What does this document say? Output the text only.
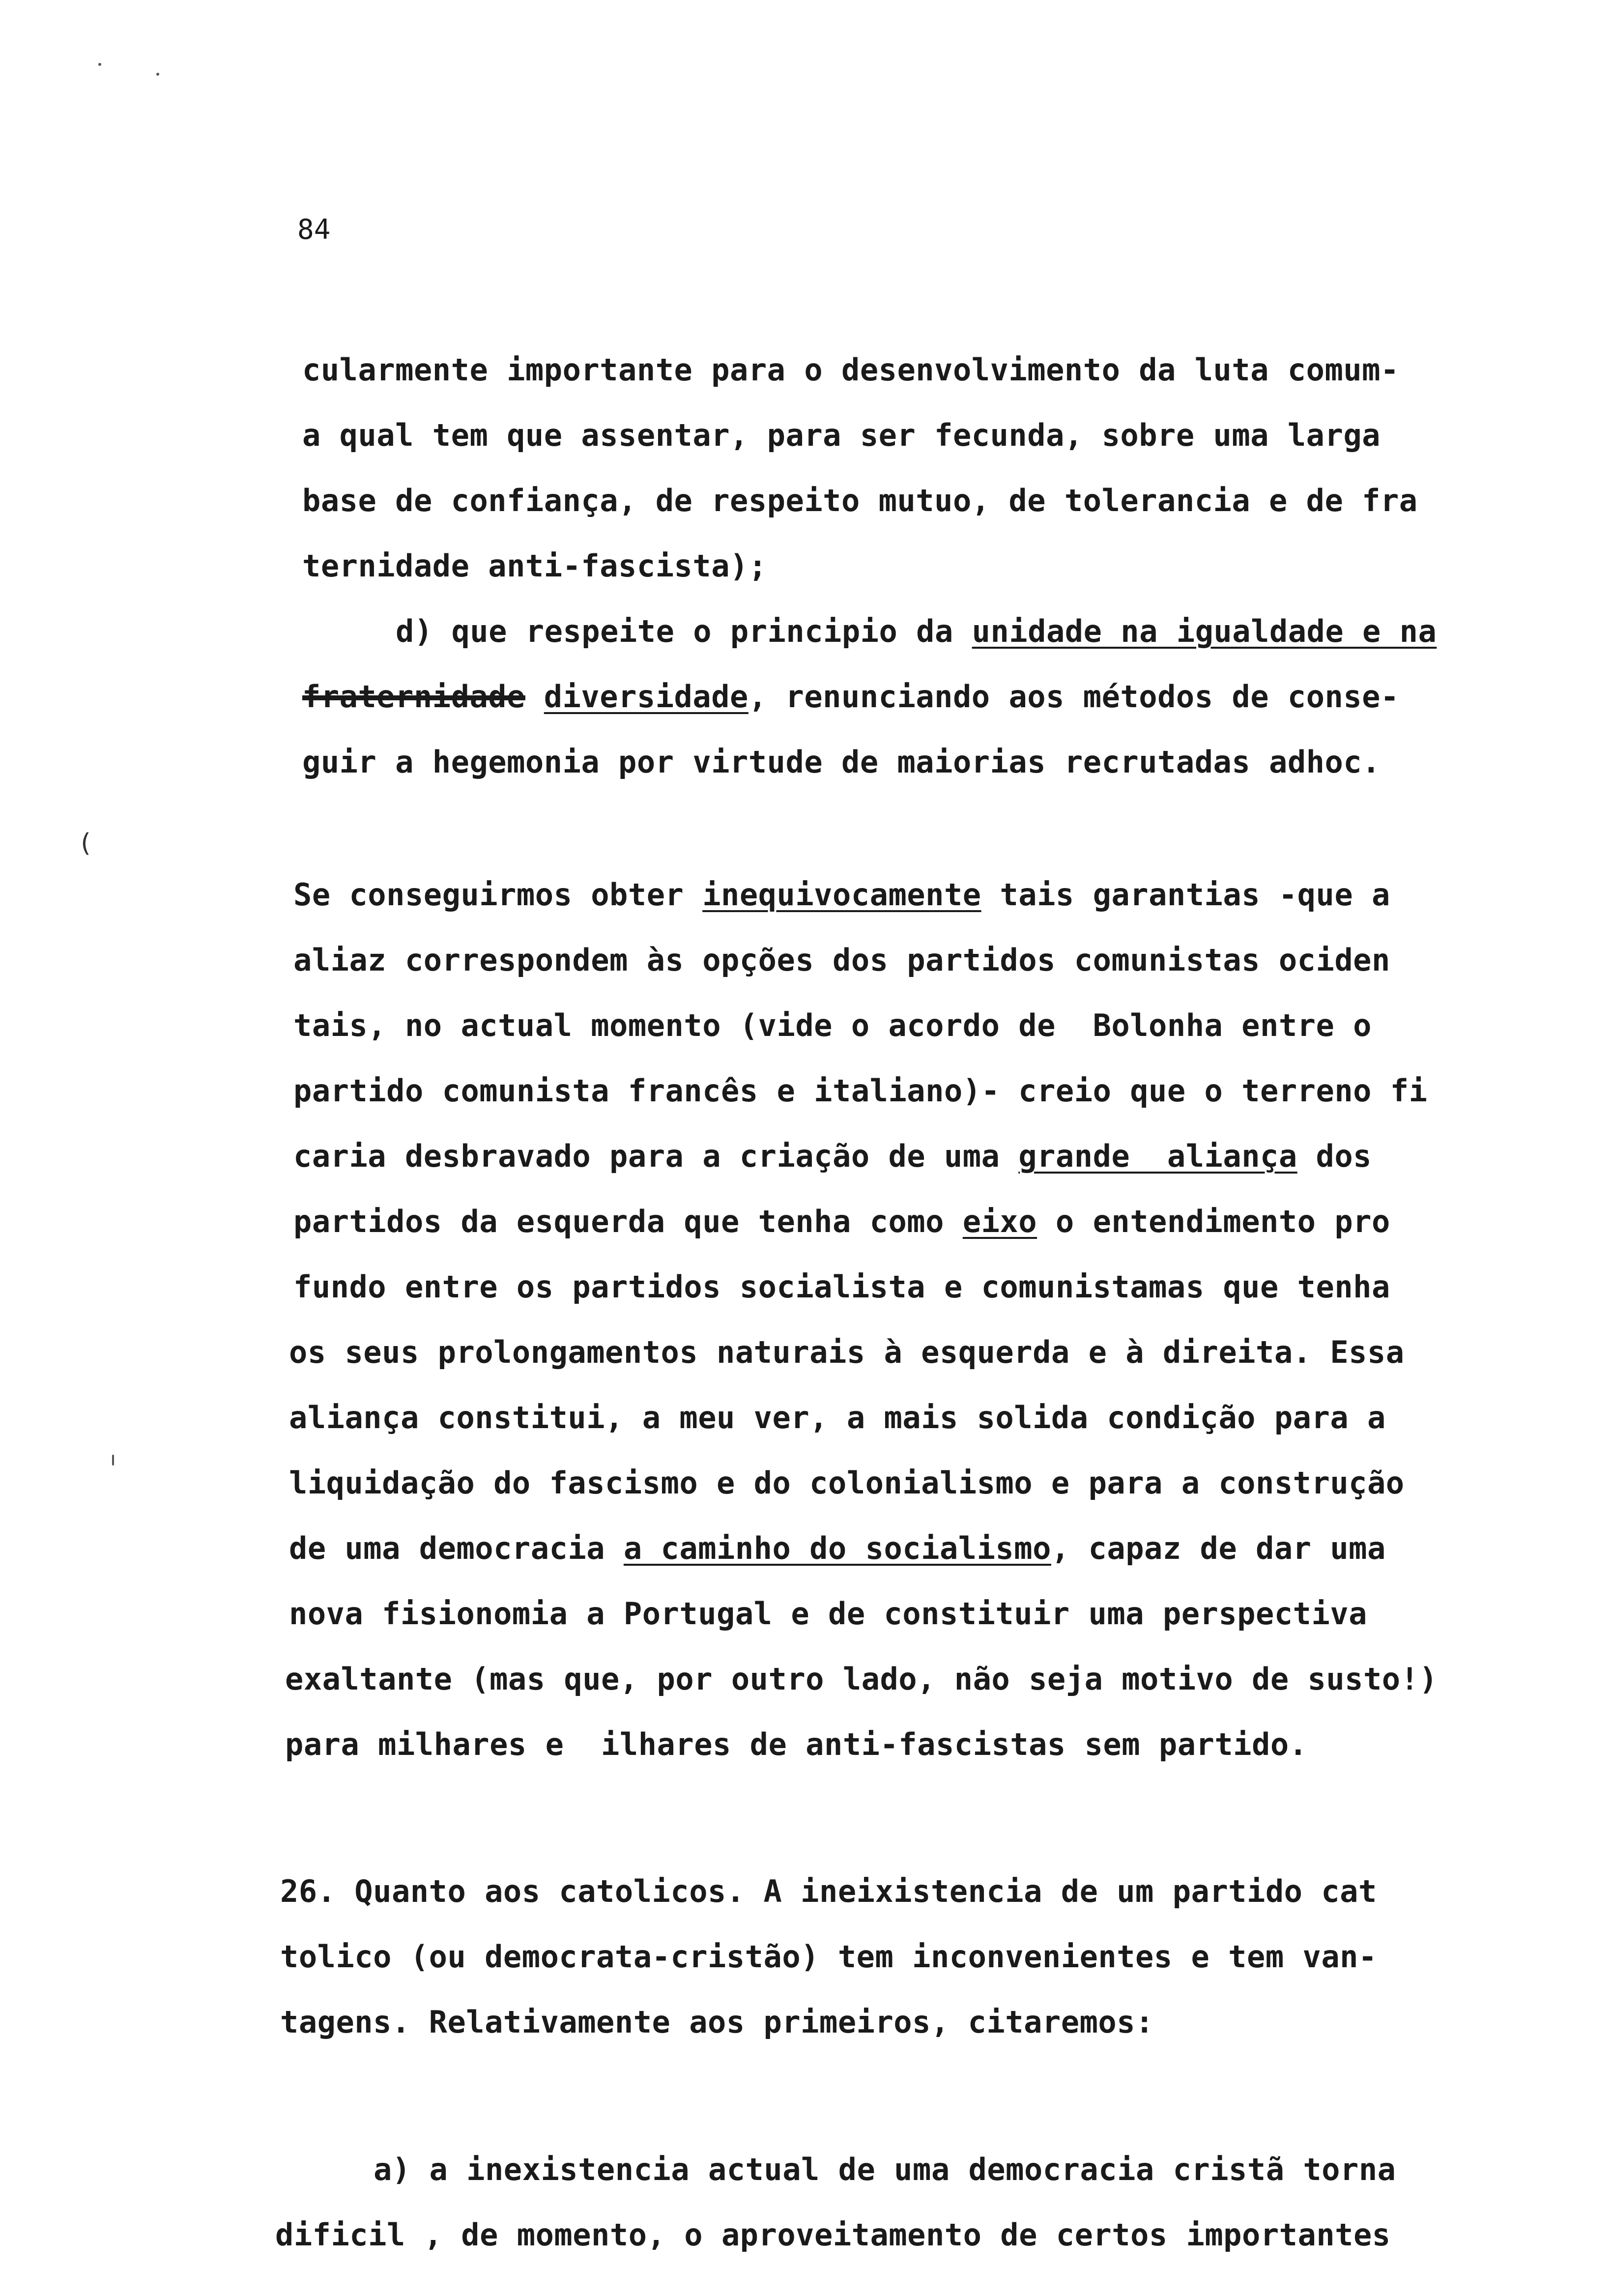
84
cularmente importante para o desenvolvimento da luta comum-
a qual tem que assentar, para ser fecunda, sobre uma larga
base de confiança, de respeito mutuo, de tolerancia e de fra
ternidade anti-fascista);
d) que respeite o principio da unidade na igualdade e na
fraternidade diversidade, renunciando aos métodos de conse-
guir a hegemonia por virtude de maiorias recrutadas adhoc.
(
Se conseguirmos obter inequivocamente tais garantias -que a
aliaz correspondem às opções dos partidos comunistas ociden
tais, no actual momento (vide o acordo de  Bolonha entre o
partido comunista francês e italiano)- creio que o terreno fi
caria desbravado para a criação de uma grande  aliança dos
partidos da esquerda que tenha como eixo o entendimento pro
fundo entre os partidos socialista e comunistamas que tenha
os seus prolongamentos naturais à esquerda e à direita. Essa
aliança constitui, a meu ver, a mais solida condição para a
liquidação do fascismo e do colonialismo e para a construção
de uma democracia a caminho do socialismo, capaz de dar uma
nova fisionomia a Portugal e de constituir uma perspectiva
exaltante (mas que, por outro lado, não seja motivo de susto!)
para milhares e  ilhares de anti-fascistas sem partido.
26. Quanto aos catolicos. A ineixistencia de um partido cat
tolico (ou democrata-cristão) tem inconvenientes e tem van-
tagens. Relativamente aos primeiros, citaremos:
a) a inexistencia actual de uma democracia cristã torna
dificil , de momento, o aproveitamento de certos importantes
